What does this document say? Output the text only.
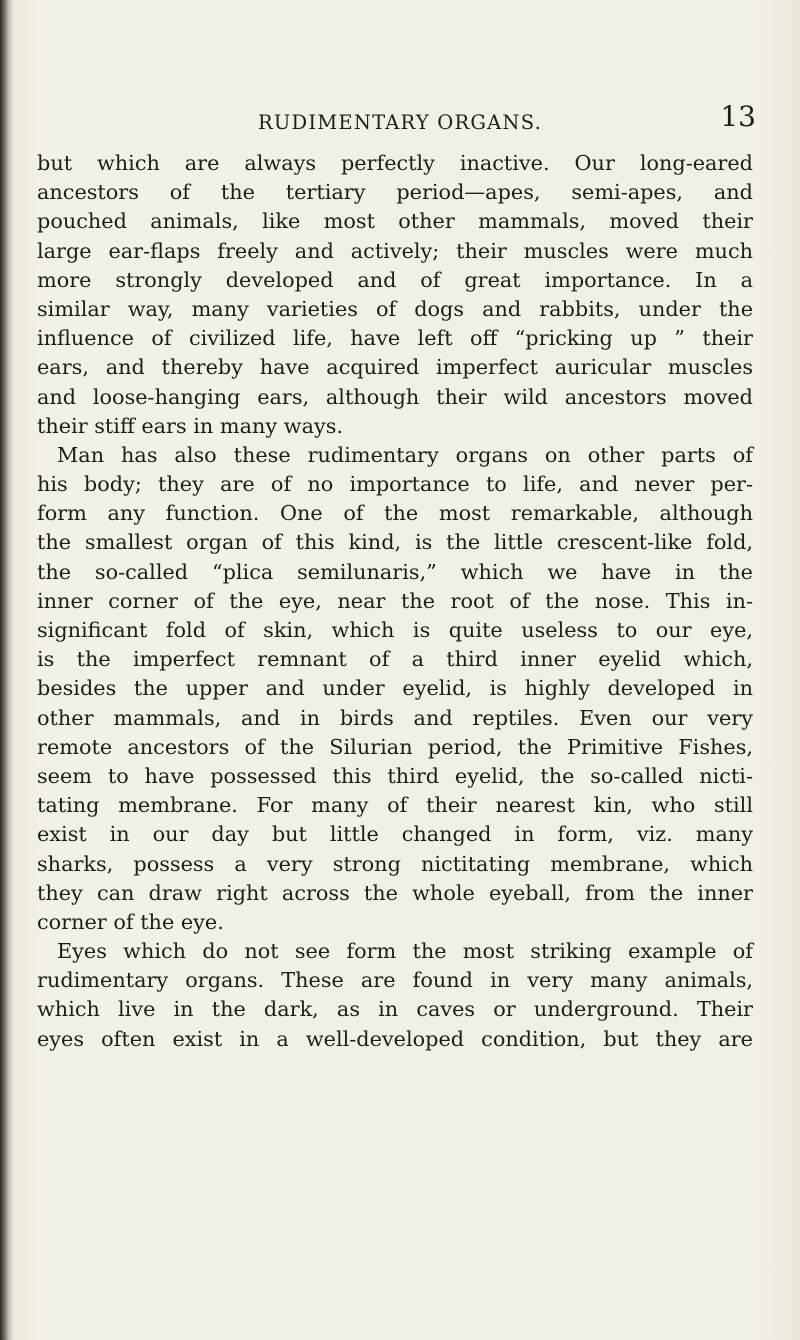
RUDIMENTARY ORGANS.	13
but which are always perfectly inactive. Our long-eared
ancestors of the tertiary period—apes, semi-apes, and
pouched animals, like most other mammals, moved their
large ear-flaps freely and actively; their muscles were much
more strongly developed and of great importance. In a
similar way, many varieties of dogs and rabbits, under the
influence of civilized life, have left off “pricking up ” their
ears, and thereby have acquired imperfect auricular muscles
and loose-hanging ears, although their wild ancestors moved
their stiff ears in many ways.
Man has also these rudimentary organs on other parts of
his body; they are of no importance to life, and never per-
form any function. One of the most remarkable, although
the smallest organ of this kind, is the little crescent-like fold,
the so-called “plica semilunaris,” which we have in the
inner corner of the eye, near the root of the nose. This in-
significant fold of skin, which is quite useless to our eye,
is the imperfect remnant of a third inner eyelid which,
besides the upper and under eyelid, is highly developed in
other mammals, and in birds and reptiles. Even our very
remote ancestors of the Silurian period, the Primitive Fishes,
seem to have possessed this third eyelid, the so-called nicti-
tating membrane. For many of their nearest kin, who still
exist in our day but little changed in form, viz. many
sharks, possess a very strong nictitating membrane, which
they can draw right across the whole eyeball, from the inner
corner of the eye.
Eyes which do not see form the most striking example of
rudimentary organs. These are found in very many animals,
which live in the dark, as in caves or underground. Their
eyes often exist in a well-developed condition, but they are
